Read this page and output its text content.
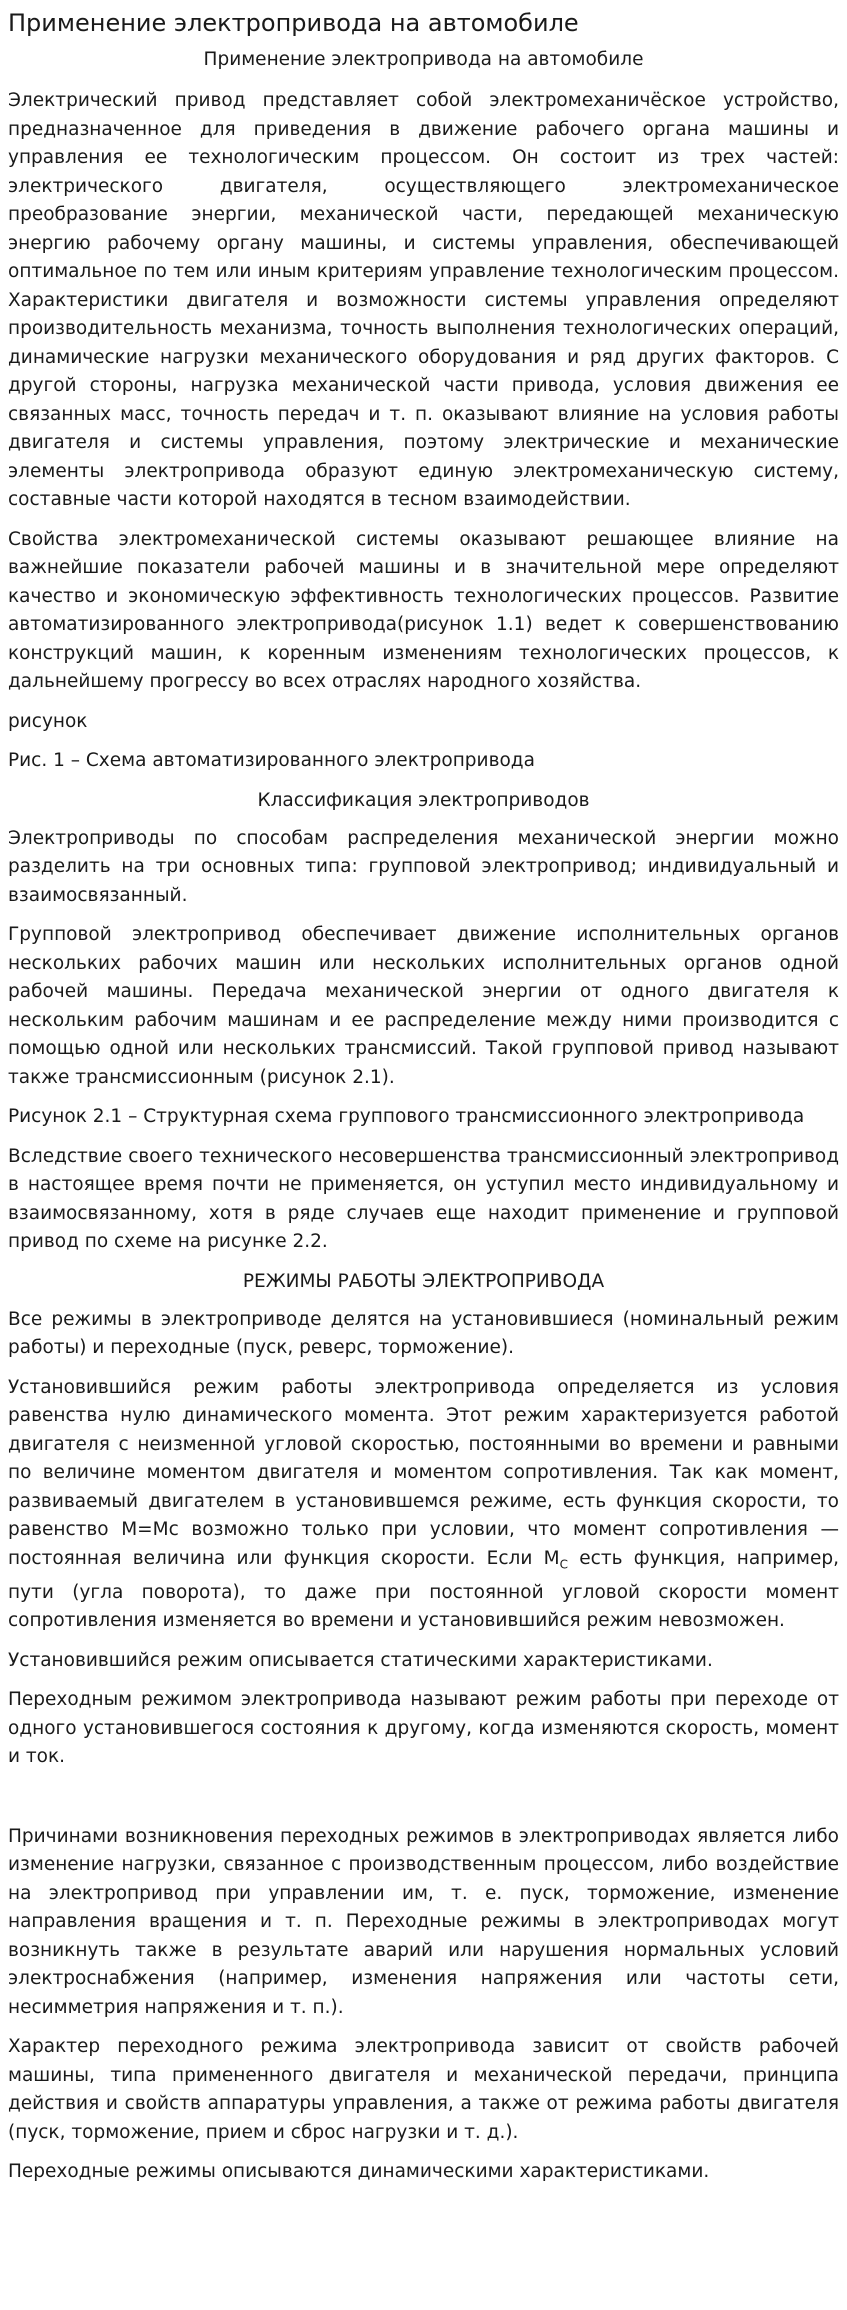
Применение электропривода на автомобиле
Применение электропривода на автомобиле

Электрический привод представляет собой электромеханичёское устройство, предназначенное для приведения в движение рабочего органа машины и управления ее технологическим процессом. Он состоит из трех частей: электрического двигателя, осуществляющего электромеханическое преобразование энергии, механической части, передающей механическую энергию рабочему органу машины, и системы управления, обеспечивающей оптимальное по тем или иным критериям управление технологическим процессом. Характеристики двигателя и возможности системы управления определяют производительность механизма, точность выполнения технологических операций, динамические нагрузки механического оборудования и ряд других факторов. С другой стороны, нагрузка механической части привода, условия движения ее связанных масс, точность передач и т. п. оказывают влияние на условия работы двигателя и системы управления, поэтому электрические и механические элементы электропривода образуют единую электромеханическую систему, составные части которой находятся в тесном взаимодействии.

Свойства электромеханической системы оказывают решающее влияние на важнейшие показатели рабочей машины и в значительной мере определяют качество и экономическую эффективность технологических процессов. Развитие автоматизированного электропривода(рисунок 1.1) ведет к совершенствованию конструкций машин, к коренным изменениям технологических процессов, к дальнейшему прогрессу во всех отраслях народного хозяйства.

рисунок

Рис. 1 – Схема автоматизированного электропривода

Классификация электроприводов

Электроприводы по способам распределения механической энергии можно разделить на три основных типа: групповой электропривод; индивидуальный и взаимосвязанный.

Групповой электропривод обеспечивает движение исполнительных органов нескольких рабочих машин или нескольких исполнительных органов одной рабочей машины. Передача механической энергии от одного двигателя к нескольким рабочим машинам и ее распределение между ними производится с помощью одной или нескольких трансмиссий. Такой групповой привод называют также трансмиссионным (рисунок 2.1).

Рисунок 2.1 – Структурная схема группового трансмиссионного электропривода

Вследствие своего технического несовершенства трансмиссионный электропривод в настоящее время почти не применяется, он уступил место индивидуальному и взаимосвязанному, хотя в ряде случаев еще находит применение и групповой привод по схеме на рисунке 2.2.

РЕЖИМЫ РАБОТЫ ЭЛЕКТРОПРИВОДА

Все режимы в электроприводе делятся на установившиеся (номинальный режим работы) и переходные (пуск, реверс, торможение).

Установившийся режим работы электропривода определяется из условия равенства нулю динамического момента. Этот режим характеризуется работой двигателя с неизменной угловой скоростью, постоянными во времени и равными по величине моментом двигателя и моментом сопротивления. Так как момент, развиваемый двигателем в установившемся режиме, есть функция скорости, то равенство М=Мс возможно только при условии, что момент сопротивления — постоянная величина или функция скорости. Если $М_С$ есть функция, например, пути (угла поворота), то даже при постоянной угловой скорости момент сопротивления изменяется во времени и установившийся режим невозможен.

Установившийся режим описывается статическими характеристиками.

Переходным режимом электропривода называют режим работы при переходе от одного установившегося состояния к другому, когда изменяются скорость, момент и ток.

Причинами возникновения переходных режимов в электроприводах является либо изменение нагрузки, связанное с производственным процессом, либо воздействие на электропривод при управлении им, т. е. пуск, торможение, изменение направления вращения и т. п. Переходные режимы в электроприводах могут возникнуть также в результате аварий или нарушения нормальных условий электроснабжения (например, изменения напряжения или частоты сети, несимметрия напряжения и т. п.).

Характер переходного режима электропривода зависит от свойств рабочей машины, типа примененного двигателя и механической передачи, принципа действия и свойств аппаратуры управления, а также от режима работы двигателя (пуск, торможение, прием и сброс нагрузки и т. д.).

Переходные режимы описываются динамическими характеристиками.
